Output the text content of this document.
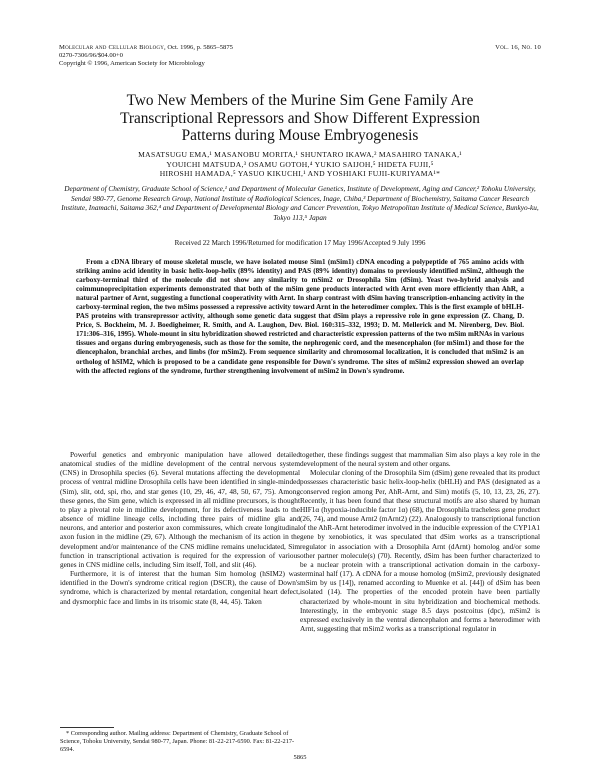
Molecular and Cellular Biology, Oct. 1996, p. 5865–5875
0270-7306/96/$04.00+0
Copyright © 1996, American Society for Microbiology
Vol. 16, No. 10
Two New Members of the Murine Sim Gene Family Are
Transcriptional Repressors and Show Different Expression
Patterns during Mouse Embryogenesis
MASATSUGU EMA,¹ MASANOBU MORITA,¹ SHUNTARO IKAWA,² MASAHIRO TANAKA,¹
YOUICHI MATSUDA,³ OSAMU GOTOH,⁴ YUKIO SAIJOH,⁵ HIDETA FUJII,⁵
HIROSHI HAMADA,⁵ YASUO KIKUCHI,¹ AND YOSHIAKI FUJII-KURIYAMA¹*
Department of Chemistry, Graduate School of Science,¹ and Department of Molecular Genetics, Institute of Development, Aging and Cancer,² Tohoku University, Sendai 980-77, Genome Research Group, National Institute of Radiological Sciences, Inage, Chiba,³ Department of Biochemistry, Saitama Cancer Research Institute, Inamachi, Saitama 362,⁴ and Department of Developmental Biology and Cancer Prevention, Tokyo Metropolitan Institute of Medical Science, Bunkyo-ku, Tokyo 113,⁵ Japan
Received 22 March 1996/Returned for modification 17 May 1996/Accepted 9 July 1996

From a cDNA library of mouse skeletal muscle, we have isolated mouse Sim1 (mSim1) cDNA encoding a polypeptide of 765 amino acids with striking amino acid identity in basic helix-loop-helix (89% identity) and PAS (89% identity) domains to previously identified mSim2, although the carboxy-terminal third of the molecule did not show any similarity to mSim2 or Drosophila Sim (dSim). Yeast two-hybrid analysis and coimmunoprecipitation experiments demonstrated that both of the mSim gene products interacted with Arnt even more efficiently than AhR, a natural partner of Arnt, suggesting a functional cooperativity with Arnt. In sharp contrast with dSim having transcription-enhancing activity in the carboxy-terminal region, the two mSims possessed a repressive activity toward Arnt in the heterodimer complex. This is the first example of bHLH-PAS proteins with transrepressor activity, although some genetic data suggest that dSim plays a repressive role in gene expression (Z. Chang, D. Price, S. Bockheim, M. J. Boedigheimer, R. Smith, and A. Laughon, Dev. Biol. 160:315–332, 1993; D. M. Mellerick and M. Nirenberg, Dev. Biol. 171:306–316, 1995). Whole-mount in situ hybridization showed restricted and characteristic expression patterns of the two mSim mRNAs in various tissues and organs during embryogenesis, such as those for the somite, the nephrogenic cord, and the mesencephalon (for mSim1) and those for the diencephalon, branchial arches, and limbs (for mSim2). From sequence similarity and chromosomal localization, it is concluded that mSim2 is an ortholog of hSIM2, which is proposed to be a candidate gene responsible for Down's syndrome. The sites of mSim2 expression showed an overlap with the affected regions of the syndrome, further strengthening involvement of mSim2 in Down's syndrome.

Powerful genetics and embryonic manipulation have allowed detailed anatomical studies of the midline development of the central nervous system (CNS) in Drosophila species (6). Several mutations affecting the developmental process of ventral midline Drosophila cells have been identified in single-minded (Sim), slit, otd, spi, rho, and star genes (10, 29, 46, 47, 48, 50, 67, 75). Among these genes, the Sim gene, which is expressed in all midline precursors, is thought to play a pivotal role in midline development, for its defectiveness leads to the absence of midline lineage cells, including three pairs of midline glia and neurons, and anterior and posterior axon commissures, which create longitudinal axon fusion in the midline (29, 67). Although the mechanism of its action in the development and/or maintenance of the CNS midline remains unelucidated, Sim function in transcriptional activation is required for the expression of various genes in CNS midline cells, including Sim itself, Toll, and slit (46).

Furthermore, it is of interest that the human Sim homolog (hSIM2) was identified in the Down's syndrome critical region (DSCR), the cause of Down's syndrome, which is characterized by mental retardation, congenital heart defect, and dysmorphic face and limbs in its trisomic state (8, 44, 45). Taken

together, these findings suggest that mammalian Sim also plays a key role in the development of the neural system and other organs.

Molecular cloning of the Drosophila Sim (dSim) gene revealed that its product possesses characteristic basic helix-loop-helix (bHLH) and PAS (designated as a conserved region among Per, AhR-Arnt, and Sim) motifs (5, 10, 13, 23, 26, 27). Recently, it has been found that these structural motifs are also shared by human HIF1α (hypoxia-inducible factor 1α) (68), the Drosophila tracheless gene product (26, 74), and mouse Arnt2 (mArnt2) (22). Analogously to transcriptional function of the AhR-Arnt heterodimer involved in the inducible expression of the CYP1A1 gene by xenobiotics, it was speculated that dSim works as a transcriptional regulator in association with a Drosophila Arnt (dArnt) homolog and/or some other partner molecule(s) (70). Recently, dSim has been further characterized to be a nuclear protein with a transcriptional activation domain in the carboxy-terminal half (17). A cDNA for a mouse homolog (mSim2, previously designated mSim by us [14]), renamed according to Muenke et al. [44]) of dSim has been isolated (14). The properties of the encoded protein have been partially characterized by whole-mount in situ hybridization and biochemical methods. Interestingly, in the embryonic stage 8.5 days postcoitus (dpc), mSim2 is expressed exclusively in the ventral diencephalon and forms a heterodimer with Arnt, suggesting that mSim2 works as a transcriptional regulator in

* Corresponding author. Mailing address: Department of Chemistry, Graduate School of Science, Tohoku University, Sendai 980-77, Japan. Phone: 81-22-217-6590. Fax: 81-22-217-6594.

5865
